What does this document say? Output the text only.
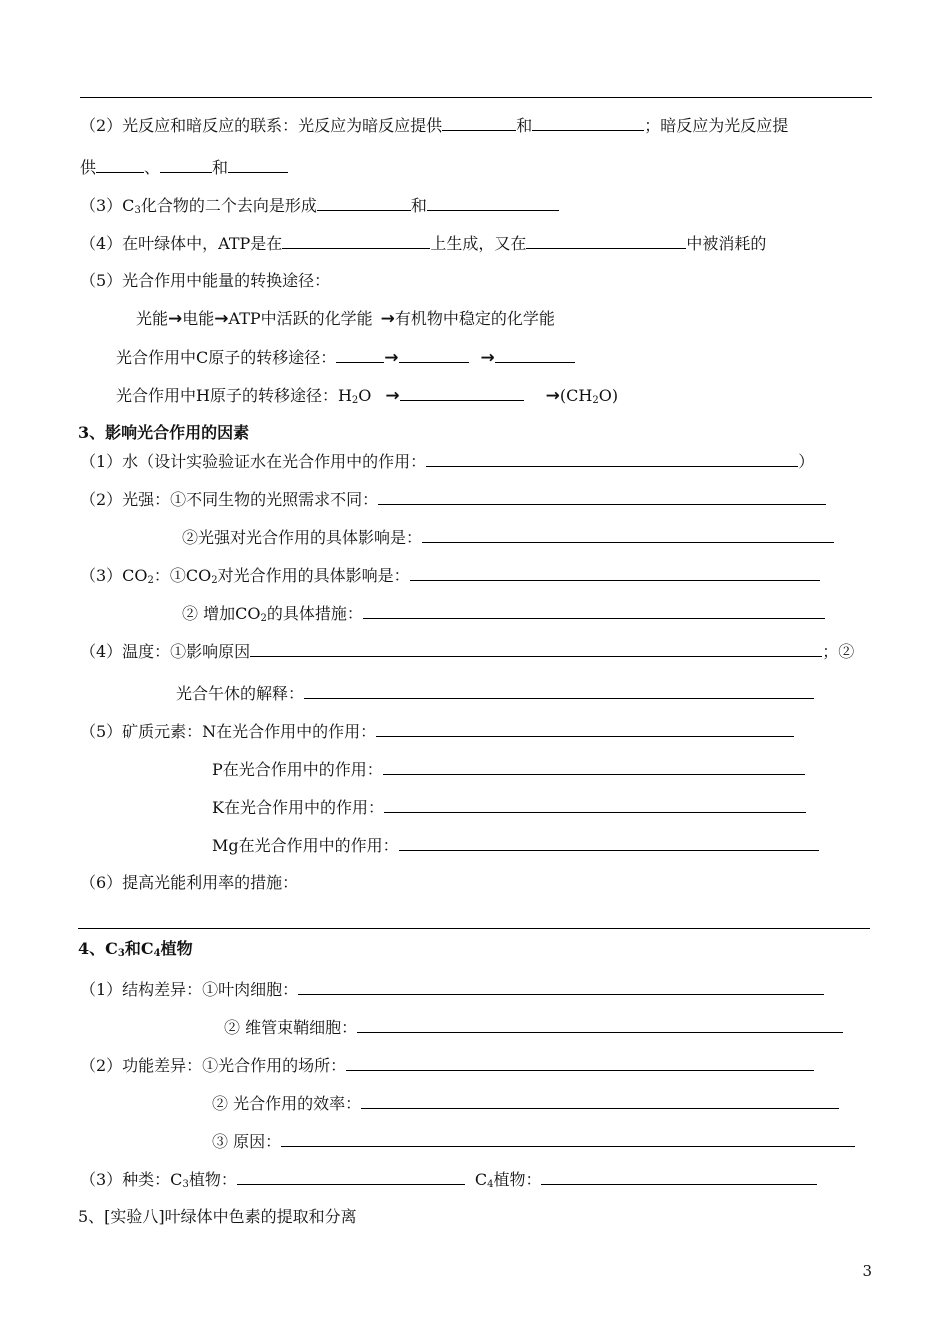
（2）光反应和暗反应的联系：光反应为暗反应提供	和	；暗反应为光反应提
供	、	和
$(3)C_3$化合物的二个去向是形成	和
（4）在叶绿体中，ATP是在	上生成，又在	中被消耗的
（5）光合作用中能量的转换途径：
光能→电能→ATP中活跃的化学能 →有机物中稳定的化学能
光合作用中C原子的转移途径：	→	→
光合作用中H原子的转移途径：$H_2O$ →	$\to(CH_2O)$
3、影响光合作用的因素
（1）水（设计实验验证水在光合作用中的作用：	）
（2）光强：①不同生物的光照需求不同：
②光强对光合作用的具体影响是：
$(3)CO_2$：$①CO_2$对光合作用的具体影响是：
② 增加$CO_2$的具体措施：
（4）温度：①影响原因	；②
光合午休的解释：
（5）矿质元素：N在光合作用中的作用：
P在光合作用中的作用：
K在光合作用中的作用：
Mg在光合作用中的作用：
（6）提高光能利用率的措施：
4、$C_3$和$C_4$植物
（1）结构差异：①叶肉细胞：
② 维管束鞘细胞：
（2）功能差异：①光合作用的场所：
② 光合作用的效率：
③ 原因：
（3）种类：$C_3$植物：	$C_4$植物：
5、[实验八]叶绿体中色素的提取和分离
3
